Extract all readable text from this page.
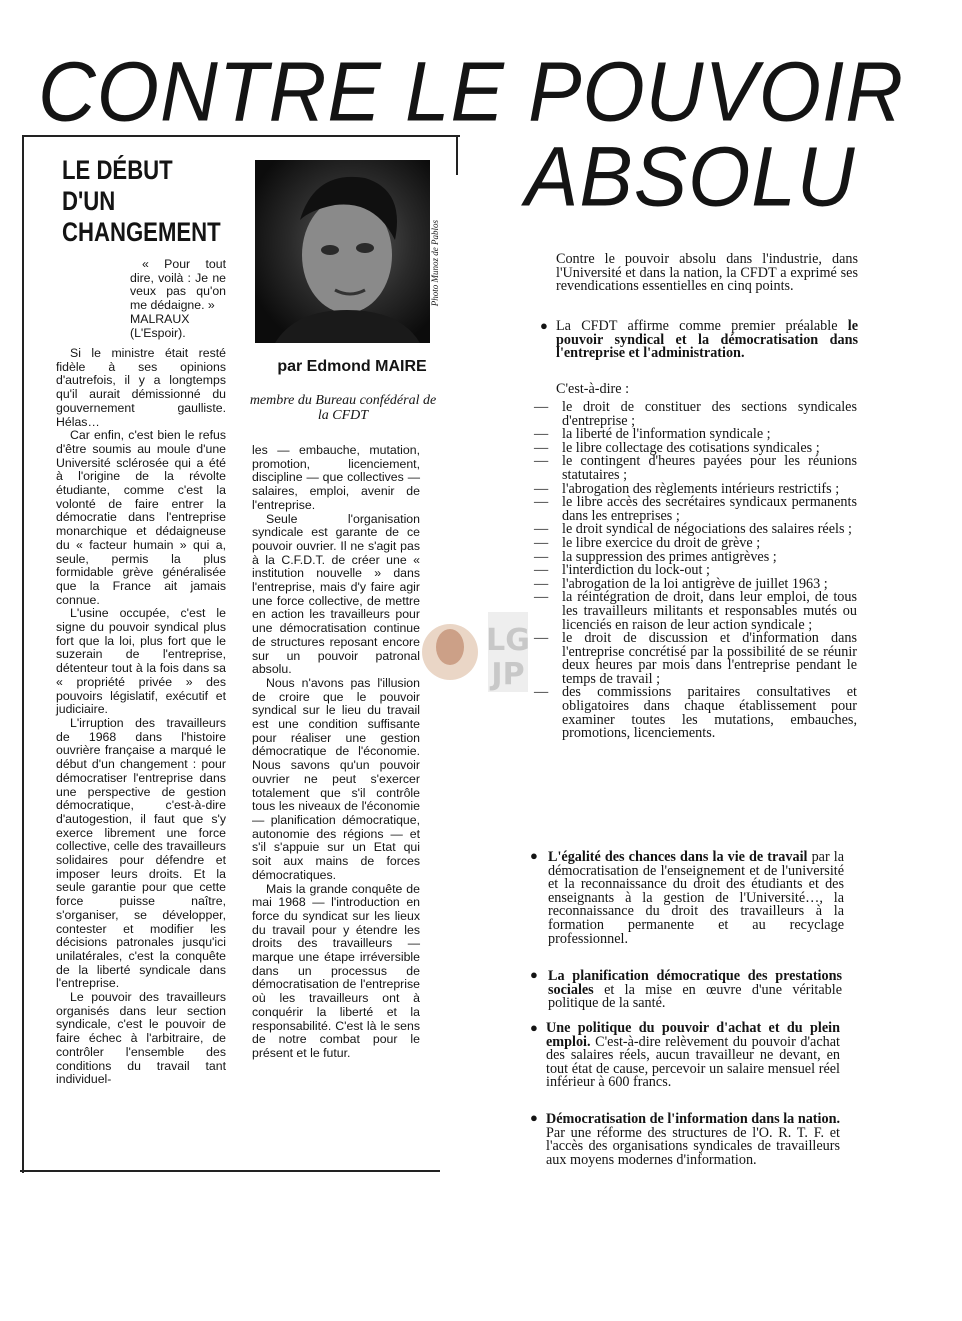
CONTRE LE POUVOIR
ABSOLU
LE DÉBUT
D'UN
CHANGEMENT

« Pour tout dire, voilà : Je ne veux pas qu'on me dédaigne. »

MALRAUX (L'Espoir).

Si le ministre était resté fidèle à ses opinions d'autrefois, il y a longtemps qu'il aurait démissionné du gouvernement gaulliste. Hélas…

Car enfin, c'est bien le refus d'être soumis au moule d'une Université sclérosée qui a été à l'origine de la révolte étudiante, comme c'est la volonté de faire entrer la démocratie dans l'entreprise monarchique et dédaigneuse du « facteur humain » qui a, seule, permis la plus formidable grève généralisée que la France ait jamais connue.

L'usine occupée, c'est le signe du pouvoir syndical plus fort que la loi, plus fort que le suzerain de l'entreprise, détenteur tout à la fois dans sa « propriété privée » des pouvoirs législatif, exécutif et judiciaire.

L'irruption des travailleurs de 1968 dans l'histoire ouvrière française a marqué le début d'un changement : pour démocratiser l'entreprise dans une perspective de gestion démocratique, c'est-à-dire d'autogestion, il faut que s'y exerce librement une force collective, celle des travailleurs solidaires pour défendre et imposer leurs droits. Et la seule garantie pour que cette force puisse naître, s'organiser, se développer, contester et modifier les décisions patronales jusqu'ici unilatérales, c'est la conquête de la liberté syndicale dans l'entreprise.

Le pouvoir des travailleurs organisés dans leur section syndicale, c'est le pouvoir de faire échec à l'arbitraire, de contrôler l'ensemble des conditions du travail tant individuel-

Photo Munoz de Pablos
par Edmond MAIRE
membre du Bureau confédéral de la CFDT

les — embauche, mutation, promotion, licenciement, discipline — que collectives — salaires, emploi, avenir de l'entreprise.

Seule l'organisation syndicale est garante de ce pouvoir ouvrier. Il ne s'agit pas à la C.F.D.T. de créer une « institution nouvelle » dans l'entreprise, mais d'y faire agir une force collective, de mettre en action les travailleurs pour une démocratisation continue de structures reposant encore sur un pouvoir patronal absolu.

Nous n'avons pas l'illusion de croire que le pouvoir syndical sur le lieu du travail est une condition suffisante pour réaliser une gestion démocratique de l'économie. Nous savons qu'un pouvoir ouvrier ne peut s'exercer totalement que s'il contrôle tous les niveaux de l'économie — planification démocratique, autonomie des régions — et s'il s'appuie sur un Etat qui soit aux mains de forces démocratiques.

Mais la grande conquête de mai 1968 — l'introduction en force du syndicat sur les lieux du travail pour y étendre les droits des travailleurs — marque une étape irréversible dans un processus de démocratisation de l'entreprise où les travailleurs ont à conquérir la liberté et la responsabilité. C'est là le sens de notre combat pour le présent et le futur.

LG
JP

Contre le pouvoir absolu dans l'industrie, dans l'Université et dans la nation, la CFDT a exprimé ses revendications essentielles en cinq points.

● La CFDT affirme comme premier préalable le pouvoir syndical et la démocratisation dans l'entreprise et l'administration.

C'est-à-dire :
— le droit de constituer des sections syndicales d'entreprise ;
— la liberté de l'information syndicale ;
— le libre collectage des cotisations syndicales ;
— le contingent d'heures payées pour les réunions statutaires ;
— l'abrogation des règlements intérieurs restrictifs ;
— le libre accès des secrétaires syndicaux permanents dans les entreprises ;
— le droit syndical de négociations des salaires réels ;
— le libre exercice du droit de grève ;
— la suppression des primes antigrèves ;
— l'interdiction du lock-out ;
— l'abrogation de la loi antigrève de juillet 1963 ;
— la réintégration de droit, dans leur emploi, de tous les travailleurs militants et responsables mutés ou licenciés en raison de leur action syndicale ;
— le droit de discussion et d'information dans l'entreprise concrétisé par la possibilité de se réunir deux heures par mois dans l'entreprise pendant le temps de travail ;
— des commissions paritaires consultatives et obligatoires dans chaque établissement pour examiner toutes les mutations, embauches, promotions, licenciements.
● L'égalité des chances dans la vie de travail par la démocratisation de l'enseignement et de l'université et la reconnaissance du droit des étudiants et des enseignants à la gestion de l'Université…, la reconnaissance du droit des travailleurs à la formation permanente et au recyclage professionnel.

● La planification démocratique des prestations sociales et la mise en œuvre d'une véritable politique de la santé.

● Une politique du pouvoir d'achat et du plein emploi. C'est-à-dire relèvement du pouvoir d'achat des salaires réels, aucun travailleur ne devant, en tout état de cause, percevoir un salaire mensuel réel inférieur à 600 francs.

● Démocratisation de l'information dans la nation. Par une réforme des structures de l'O. R. T. F. et l'accès des organisations syndicales de travailleurs aux moyens modernes d'information.
